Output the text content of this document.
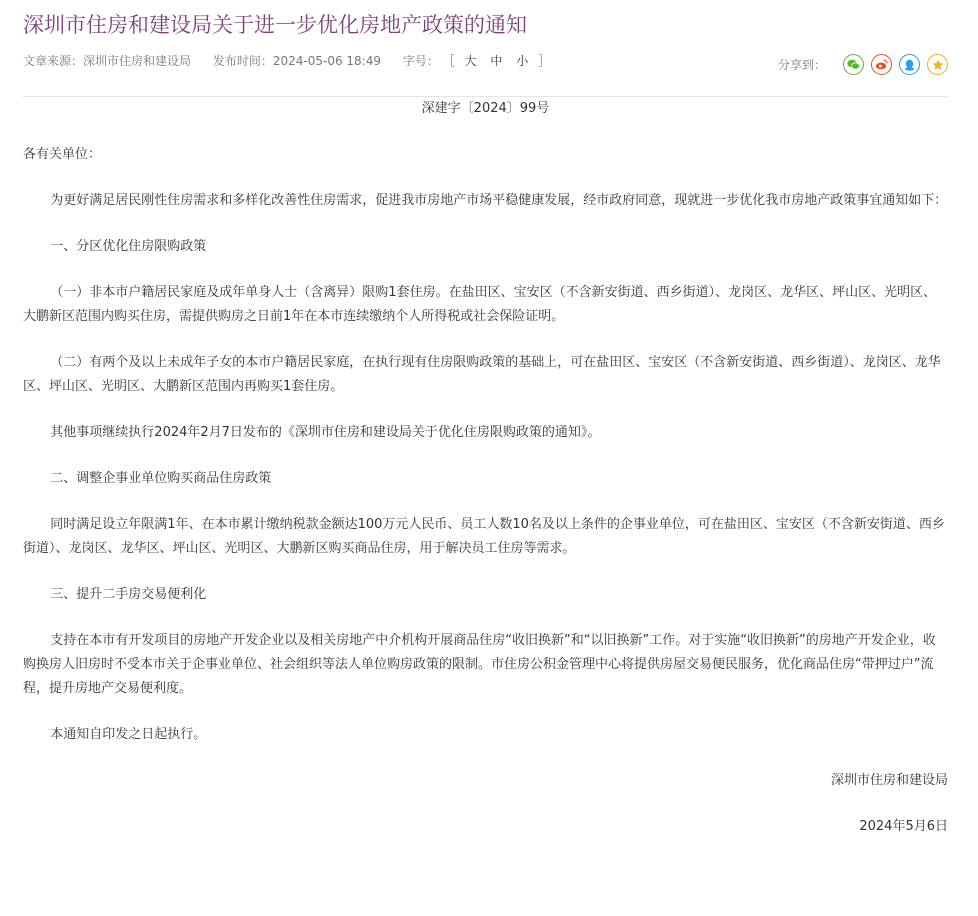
深圳市住房和建设局关于进一步优化房地产政策的通知
文章来源：深圳市住房和建设局 发布时间：2024-05-06 18:49 字号： ［ 大 中 小 ］	分享到：

深建字〔2024〕99号

各有关单位：

为更好满足居民刚性住房需求和多样化改善性住房需求，促进我市房地产市场平稳健康发展，经市政府同意，现就进一步优化我市房地产政策事宜通知如下：

一、分区优化住房限购政策

（一）非本市户籍居民家庭及成年单身人士（含离异）限购1套住房。在盐田区、宝安区（不含新安街道、西乡街道）、龙岗区、龙华区、坪山区、光明区、大鹏新区范围内购买住房，需提供购房之日前1年在本市连续缴纳个人所得税或社会保险证明。

（二）有两个及以上未成年子女的本市户籍居民家庭，在执行现有住房限购政策的基础上，可在盐田区、宝安区（不含新安街道、西乡街道）、龙岗区、龙华区、坪山区、光明区、大鹏新区范围内再购买1套住房。

其他事项继续执行2024年2月7日发布的《深圳市住房和建设局关于优化住房限购政策的通知》。

二、调整企事业单位购买商品住房政策

同时满足设立年限满1年、在本市累计缴纳税款金额达100万元人民币、员工人数10名及以上条件的企事业单位，可在盐田区、宝安区（不含新安街道、西乡街道）、龙岗区、龙华区、坪山区、光明区、大鹏新区购买商品住房，用于解决员工住房等需求。

三、提升二手房交易便利化

支持在本市有开发项目的房地产开发企业以及相关房地产中介机构开展商品住房“收旧换新”和“以旧换新”工作。对于实施“收旧换新”的房地产开发企业，收购换房人旧房时不受本市关于企事业单位、社会组织等法人单位购房政策的限制。市住房公积金管理中心将提供房屋交易便民服务，优化商品住房“带押过户”流程，提升房地产交易便利度。

本通知自印发之日起执行。

深圳市住房和建设局

2024年5月6日
